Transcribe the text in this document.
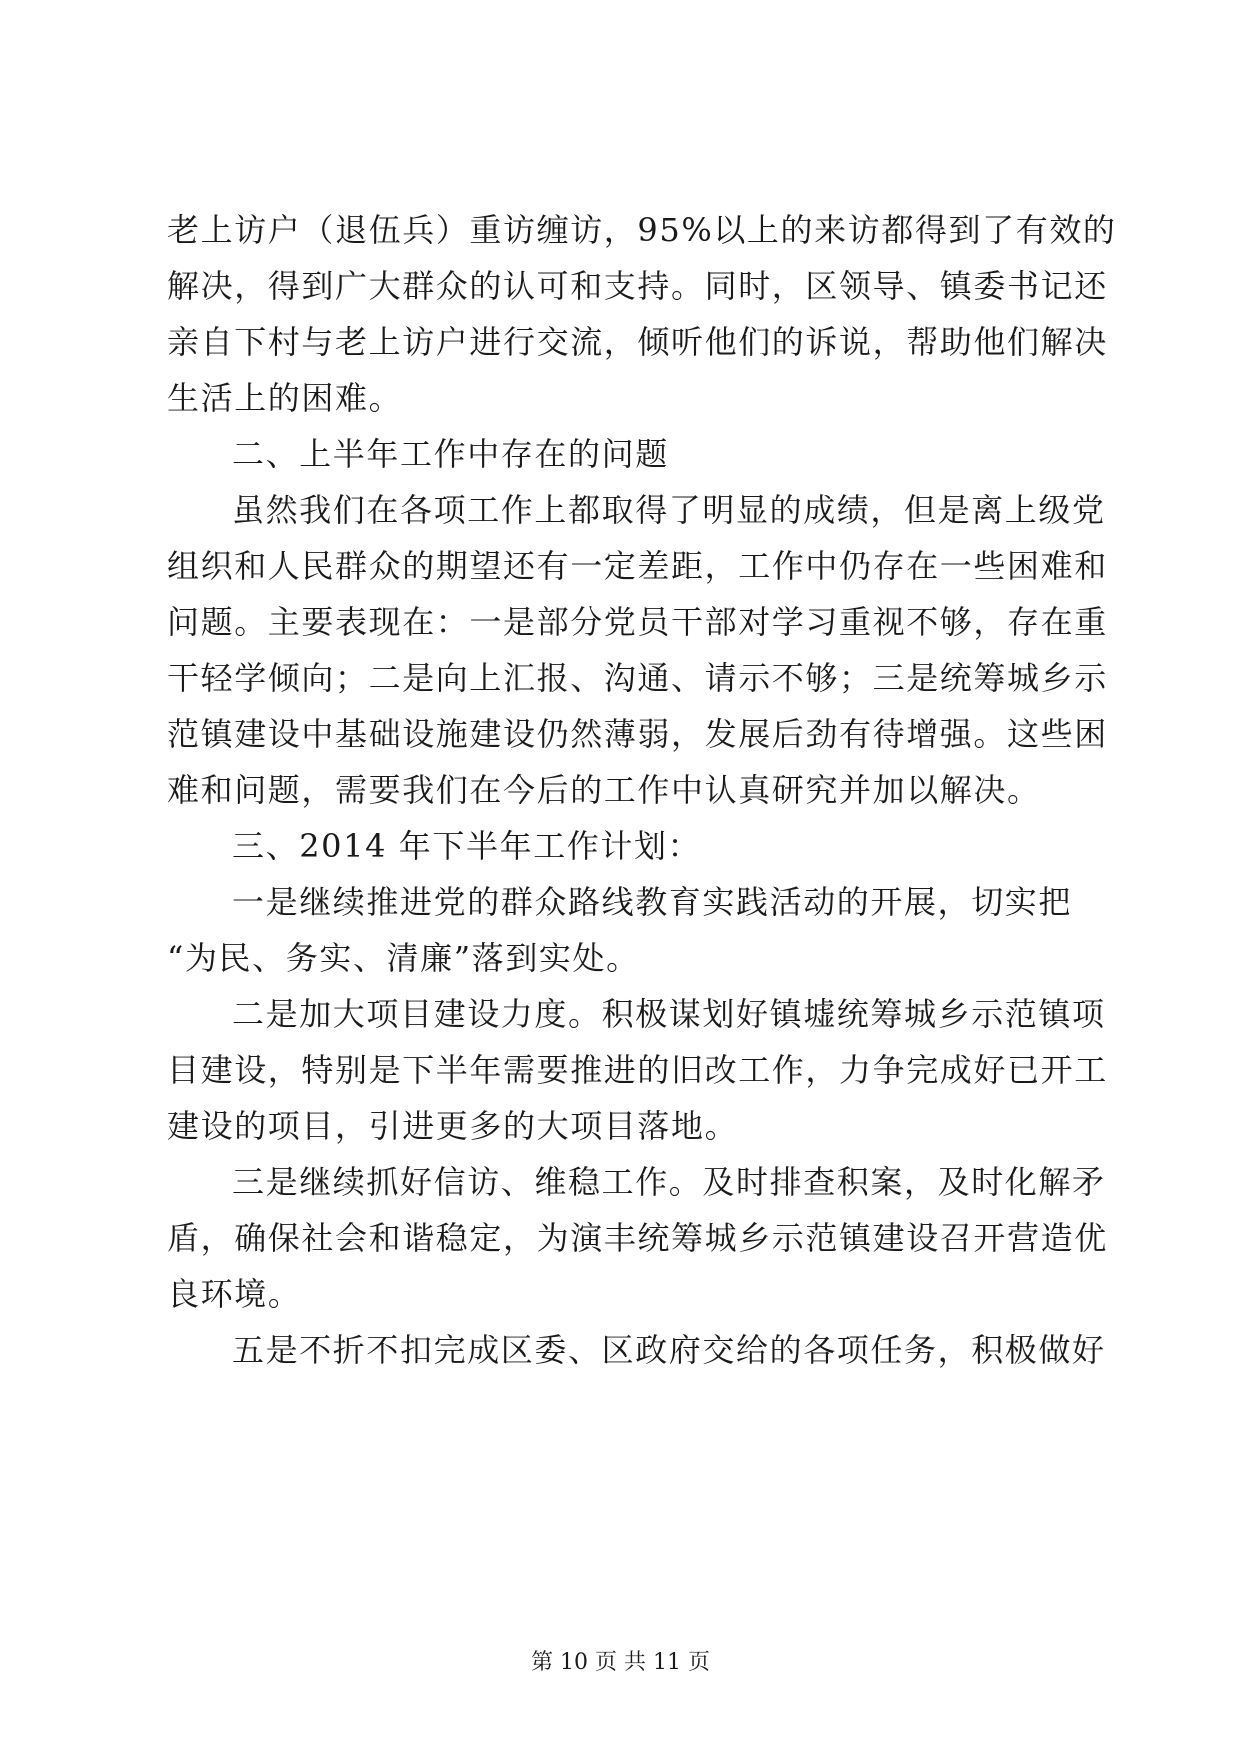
老上访户（退伍兵）重访缠访，95%以上的来访都得到了有效的
解决，得到广大群众的认可和支持。同时，区领导、镇委书记还
亲自下村与老上访户进行交流，倾听他们的诉说，帮助他们解决
生活上的困难。
二、上半年工作中存在的问题
虽然我们在各项工作上都取得了明显的成绩，但是离上级党
组织和人民群众的期望还有一定差距，工作中仍存在一些困难和
问题。主要表现在：一是部分党员干部对学习重视不够，存在重
干轻学倾向；二是向上汇报、沟通、请示不够；三是统筹城乡示
范镇建设中基础设施建设仍然薄弱，发展后劲有待增强。这些困
难和问题，需要我们在今后的工作中认真研究并加以解决。
三、2014 年下半年工作计划：
一是继续推进党的群众路线教育实践活动的开展，切实把
“为民、务实、清廉”落到实处。
二是加大项目建设力度。积极谋划好镇墟统筹城乡示范镇项
目建设，特别是下半年需要推进的旧改工作，力争完成好已开工
建设的项目，引进更多的大项目落地。
三是继续抓好信访、维稳工作。及时排查积案，及时化解矛
盾，确保社会和谐稳定，为演丰统筹城乡示范镇建设召开营造优
良环境。
五是不折不扣完成区委、区政府交给的各项任务，积极做好
第 10 页 共 11 页
